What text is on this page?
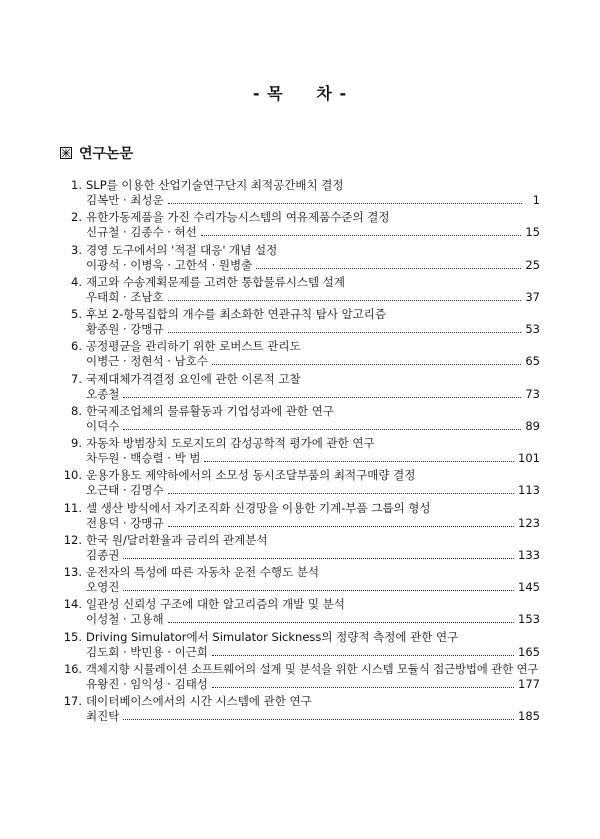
- 목     차 -
연구논문
1. SLP를 이용한 산업기술연구단지 최적공간배치 결정
김복만 · 최성운	1
2. 유한가동제품을 가진 수리가능시스템의 여유제품수준의 결정
신규철 · 김종수 · 허선	15
3. 경영 도구에서의 '적절 대응' 개념 설정
이광석 · 이병욱 · 고한석 · 원병출	25
4. 재고와 수송계획문제를 고려한 통합물류시스템 설계
우태희 · 조남호	37
5. 후보 2-항목집합의 개수를 최소화한 연관규칙 탐사 알고리즘
황종원 · 강맹규	53
6. 공정평균을 관리하기 위한 로버스트 관리도
이병근 · 정현석 · 남호수	65
7. 국제대체가격결정 요인에 관한 이론적 고찰
오종철	73
8. 한국제조업체의 물류활동과 기업성과에 관한 연구
이덕수	89
9. 자동차 방범장치 도로지도의 감성공학적 평가에 관한 연구
차두원 · 백승렬 · 박 범	101
10. 운용가용도 제약하에서의 소모성 동시조달부품의 최적구매량 결정
오근태 · 김명수	113
11. 셀 생산 방식에서 자기조직화 신경망을 이용한 기계-부품 그룹의 형성
전용덕 · 강맹규	123
12. 한국 원/달러환율과 금리의 관계분석
김종권	133
13. 운전자의 특성에 따른 자동차 운전 수행도 분석
오영진	145
14. 일관성 신뢰성 구조에 대한 알고리즘의 개발 및 분석
이성철 · 고용해	153
15. Driving Simulator에서 Simulator Sickness의 정량적 측정에 관한 연구
김도회 · 박민용 · 이근희	165
16. 객체지향 시뮬레이션 소프트웨어의 설계 및 분석을 위한 시스템 모듈식 접근방법에 관한 연구
유왕진 · 임익성 · 김태성	177
17. 데이터베이스에서의 시간 시스템에 관한 연구
최진탁	185
